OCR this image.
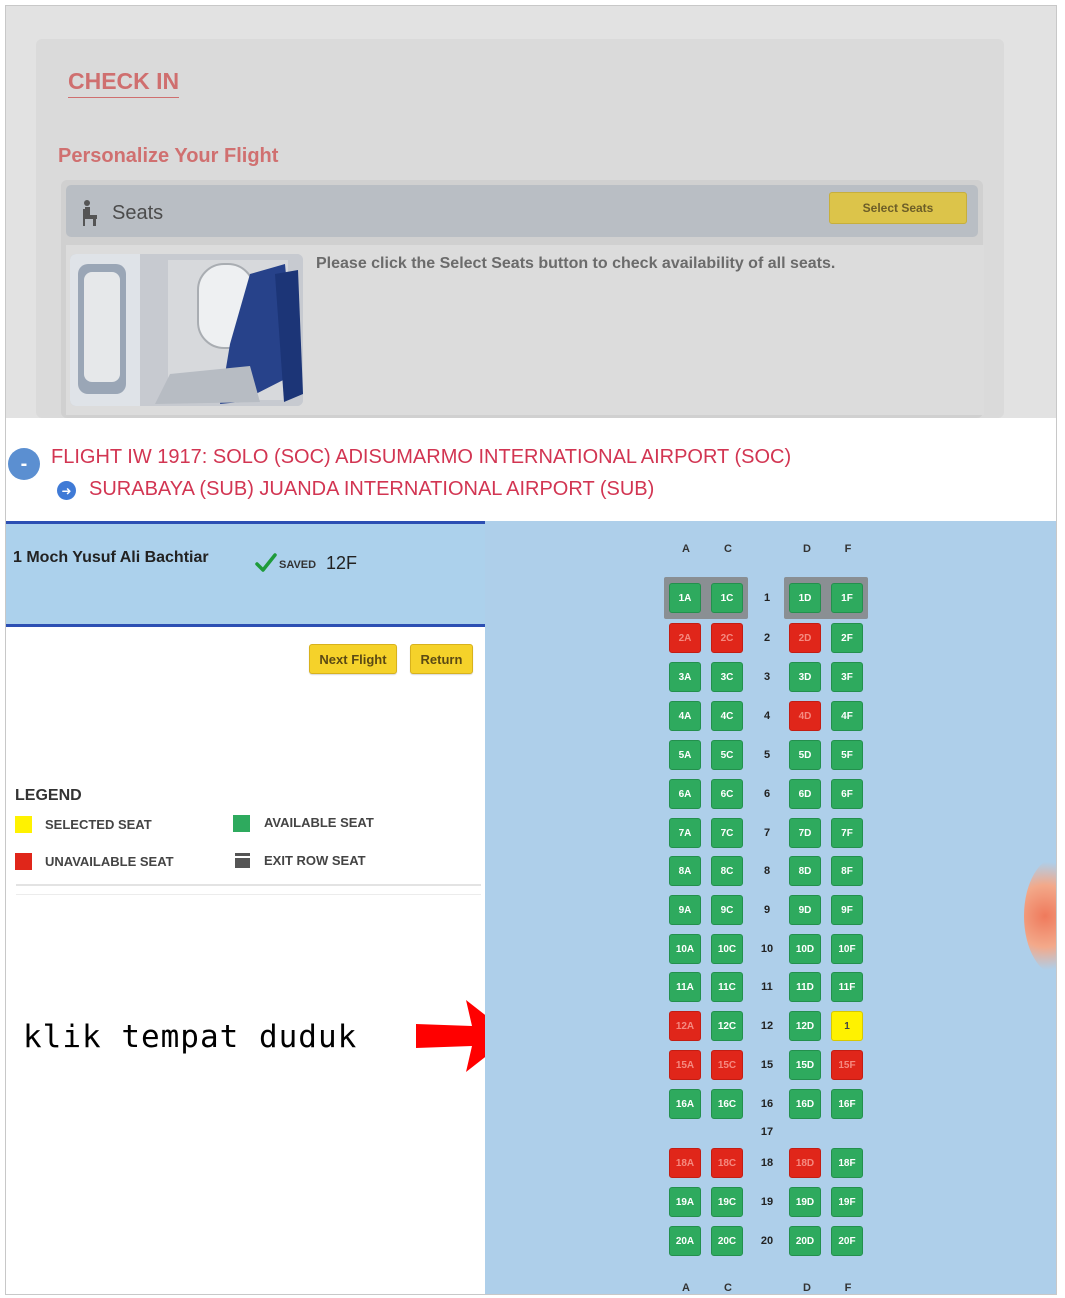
CHECK IN
Personalize Your Flight
Seats	Select Seats
Please click the Select Seats button to check availability of all seats.
-	FLIGHT IW 1917: SOLO (SOC) ADISUMARMO INTERNATIONAL AIRPORT (SOC)
➜ SURABAYA (SUB) JUANDA INTERNATIONAL AIRPORT (SUB)
1 Moch Yusuf Ali Bachtiar	SAVED 12F
Next Flight	Return
LEGEND
SELECTED SEAT	AVAILABLE SEAT
UNAVAILABLE SEAT	EXIT ROW SEAT
klik tempat duduk
A
A
C
C
D
D
F
F
1
1A	1C	1D	1F
2
2A	2C	2D	2F
3
3A	3C	3D	3F
4
4A	4C	4D	4F
5
5A	5C	5D	5F
6
6A	6C	6D	6F
7
7A	7C	7D	7F
8
8A	8C	8D	8F
9
9A	9C	9D	9F
10
10A	10C	10D	10F
11
11A	11C	11D	11F
12
12A	12C	12D	1
15
15A	15C	15D	15F
16
16A	16C	16D	16F
17
18
18A	18C	18D	18F
19
19A	19C	19D	19F
20
20A	20C	20D	20F
